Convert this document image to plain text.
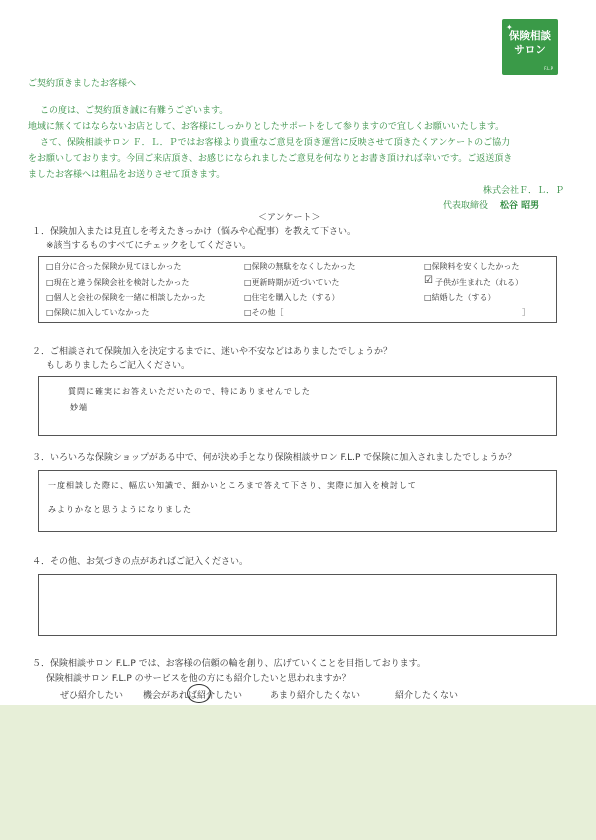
✦
保険相談
サロン
F.L.P
ご契約頂きましたお客様へ
この度は、ご契約頂き誠に有難うございます。
地域に無くてはならないお店として、お客様にしっかりとしたサポートをして参りますので宜しくお願いいたします。
さて、保険相談サロン Ｆ．Ｌ．Ｐではお客様より貴重なご意見を頂き運営に反映させて頂きたくアンケートのご協力
をお願いしております。今回ご来店頂き、お感じになられましたご意見を何なりとお書き頂ければ幸いです。ご返送頂き
ましたお客様へは粗品をお送りさせて頂きます。
株式会社Ｆ．Ｌ．Ｐ
代表取締役 松谷 昭男
＜アンケート＞
１．保険加入または見直しを考えたきっかけ（悩みや心配事）を教えて下さい。
※該当するものすべてにチェックをしてください。
□自分に合った保険か見てほしかった	□保険の無駄をなくしたかった	□保険料を安くしたかった
□現在と違う保険会社を検討したかった	□更新時期が近づいていた	☑ 子供が生まれた（れる）
□個人と会社の保険を一緒に相談したかった	□住宅を購入した（する）	□結婚した（する）
□保険に加入していなかった	□その他［	］
２．ご相談されて保険加入を決定するまでに、迷いや不安などはありましたでしょうか？
もしありましたらご記入ください。
質問に確実にお答えいただいたので、特にありませんでした
妙端
３．いろいろな保険ショップがある中で、何が決め手となり保険相談サロン F.L.P で保険に加入されましたでしょうか？
一度相談した際に、幅広い知識で、細かいところまで答えて下さり、実際に加入を検討して
みよりかなと思うようになりました
４．その他、お気づきの点があればご記入ください。
５．保険相談サロン F.L.P では、お客様の信頼の輪を創り、広げていくことを目指しております。
保険相談サロン F.L.P のサービスを他の方にも紹介したいと思われますか？
ぜひ紹介したい 機会があれば紹介したい	あまり紹介したくない	紹介したくない
